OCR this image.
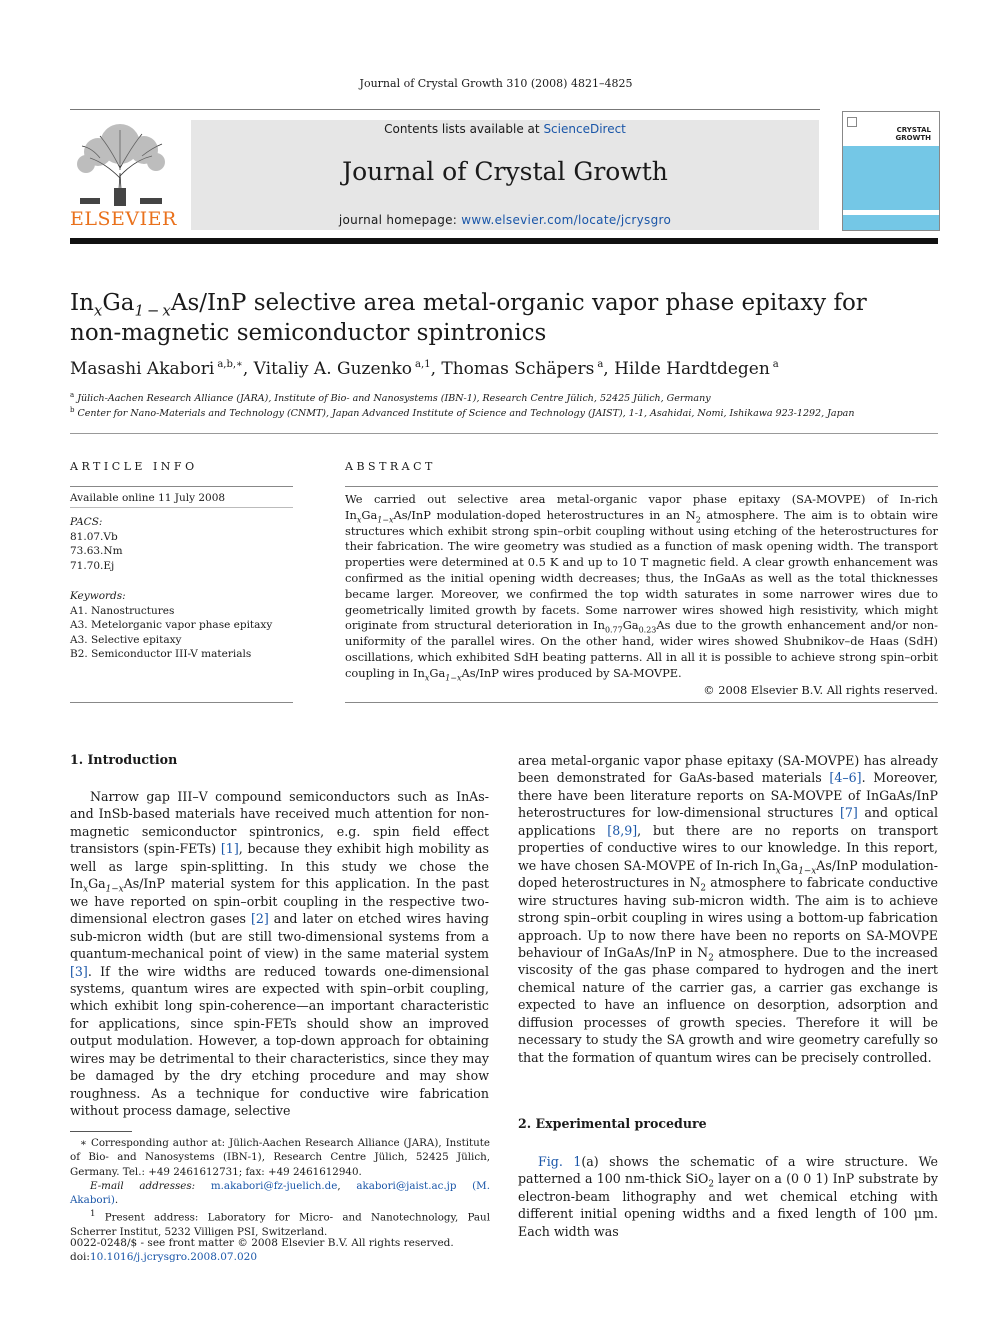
Journal of Crystal Growth 310 (2008) 4821–4825
ELSEVIER
Contents lists available at ScienceDirect
Journal of Crystal Growth
journal homepage: www.elsevier.com/locate/jcrysgro
CRYSTAL
GROWTH
$In_xGa_{1 - x}As$/InP selective area metal-organic vapor phase epitaxy for
non-magnetic semiconductor spintronics
Masashi Akabori $^{a,b,∗}$, Vitaliy A. Guzenko $^{a,1}$, Thomas Schäpers $^a$, Hilde Hardtdegen $^a$
$^a$ Jülich-Aachen Research Alliance (JARA), Institute of Bio- and Nanosystems (IBN-1), Research Centre Jülich, 52425 Jülich, Germany
$^b$ Center for Nano-Materials and Technology (CNMT), Japan Advanced Institute of Science and Technology (JAIST), 1-1, Asahidai, Nomi, Ishikawa 923-1292, Japan
ARTICLE INFO	ABSTRACT
Available online 11 July 2008
PACS:
81.07.Vb
73.63.Nm
71.70.Ej
Keywords:
A1. Nanostructures
A3. Metelorganic vapor phase epitaxy
A3. Selective epitaxy
B2. Semiconductor III-V materials
We carried out selective area metal-organic vapor phase epitaxy (SA-MOVPE) of In-rich $In_xGa_{1-x}As$/InP modulation-doped heterostructures in an $N_2$ atmosphere. The aim is to obtain wire structures which exhibit strong spin–orbit coupling without using etching of the heterostructures for their fabrication. The wire geometry was studied as a function of mask opening width. The transport properties were determined at 0.5 K and up to 10 T magnetic field. A clear growth enhancement was confirmed as the initial opening width decreases; thus, the InGaAs as well as the total thicknesses became larger. Moreover, we confirmed the top width saturates in some narrower wires due to geometrically limited growth by facets. Some narrower wires showed high resistivity, which might originate from structural deterioration in $In_{0.77}Ga_{0.23}As$ due to the growth enhancement and/or non-uniformity of the parallel wires. On the other hand, wider wires showed Shubnikov–de Haas (SdH) oscillations, which exhibited SdH beating patterns. All in all it is possible to achieve strong spin–orbit coupling in $In_xGa_{1-x}As$/InP wires produced by SA-MOVPE.
© 2008 Elsevier B.V. All rights reserved.
1. Introduction

Narrow gap III–V compound semiconductors such as InAs- and InSb-based materials have received much attention for non-magnetic semiconductor spintronics, e.g. spin field effect transistors (spin-FETs) [1], because they exhibit high mobility as well as large spin-splitting. In this study we chose the $In_xGa_{1-x}As$/InP material system for this application. In the past we have reported on spin–orbit coupling in the respective two-dimensional electron gases [2] and later on etched wires having sub-micron width (but are still two-dimensional systems from a quantum-mechanical point of view) in the same material system [3]. If the wire widths are reduced towards one-dimensional systems, quantum wires are expected with spin–orbit coupling, which exhibit long spin-coherence—an important characteristic for applications, since spin-FETs should show an improved output modulation. However, a top-down approach for obtaining wires may be detrimental to their characteristics, since they may be damaged by the dry etching procedure and may show roughness. As a technique for conductive wire fabrication without process damage, selective

area metal-organic vapor phase epitaxy (SA-MOVPE) has already been demonstrated for GaAs-based materials [4–6]. Moreover, there have been literature reports on SA-MOVPE of InGaAs/InP heterostructures for low-dimensional structures [7] and optical applications [8,9], but there are no reports on transport properties of conductive wires to our knowledge. In this report, we have chosen SA-MOVPE of In-rich $In_xGa_{1-x}As$/InP modulation-doped heterostructures in $N_2$ atmosphere to fabricate conductive wire structures having sub-micron width. The aim is to achieve strong spin–orbit coupling in wires using a bottom-up fabrication approach. Up to now there have been no reports on SA-MOVPE behaviour of InGaAs/InP in $N_2$ atmosphere. Due to the increased viscosity of the gas phase compared to hydrogen and the inert chemical nature of the carrier gas, a carrier gas exchange is expected to have an influence on desorption, adsorption and diffusion processes of growth species. Therefore it will be necessary to study the SA growth and wire geometry carefully so that the formation of quantum wires can be precisely controlled.

2. Experimental procedure

Fig. 1(a) shows the schematic of a wire structure. We patterned a 100 nm-thick SiO$_2$ layer on a (0 0 1) InP substrate by electron-beam lithography and wet chemical etching with different initial opening widths and a fixed length of 100 μm. Each width was

∗ Corresponding author at: Jülich-Aachen Research Alliance (JARA), Institute of Bio- and Nanosystems (IBN-1), Research Centre Jülich, 52425 Jülich, Germany. Tel.: +49 2461612731; fax: +49 2461612940.

E-mail addresses: m.akabori@fz-juelich.de, akabori@jaist.ac.jp (M. Akabori).

$^1$ Present address: Laboratory for Micro- and Nanotechnology, Paul Scherrer Institut, 5232 Villigen PSI, Switzerland.

0022-0248/$ - see front matter © 2008 Elsevier B.V. All rights reserved.
doi:10.1016/j.jcrysgro.2008.07.020
